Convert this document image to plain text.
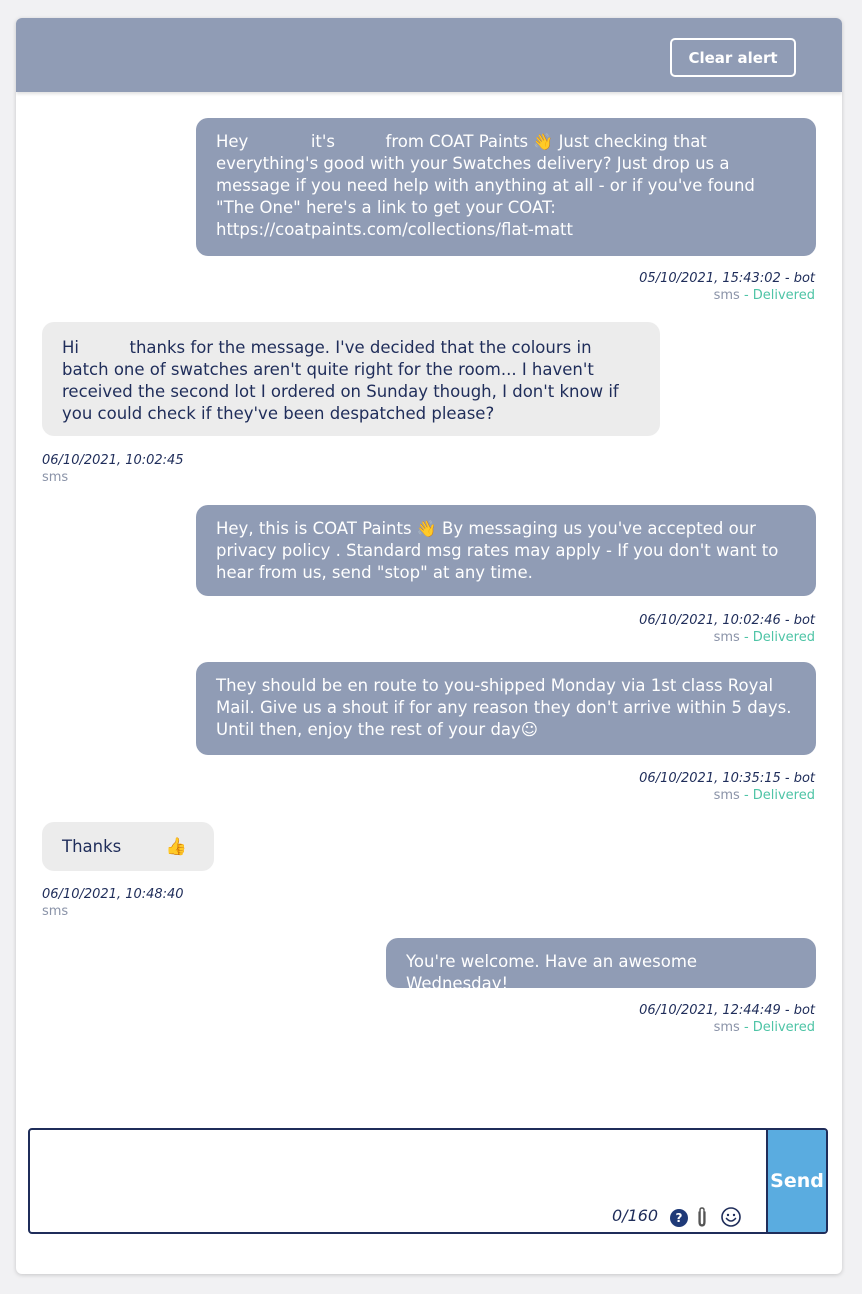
Clear alert
Hey	it's	from COAT Paints 👋 Just checking that everything's good with your Swatches delivery? Just drop us a message if you need help with anything at all - or if you've found "The One" here's a link to get your COAT: https://coatpaints.com/collections/flat-matt
05/10/2021, 15:43:02 - bot
sms - Delivered
Hi	thanks for the message. I've decided that the colours in batch one of swatches aren't quite right for the room... I haven't received the second lot I ordered on Sunday though, I don't know if you could check if they've been despatched please?
06/10/2021, 10:02:45
sms
Hey, this is COAT Paints 👋 By messaging us you've accepted our privacy policy . Standard msg rates may apply - If you don't want to hear from us, send "stop" at any time.
06/10/2021, 10:02:46 - bot
sms - Delivered
They should be en route to you-shipped Monday via 1st class Royal Mail. Give us a shout if for any reason they don't arrive within 5 days. Until then, enjoy the rest of your day☺
06/10/2021, 10:35:15 - bot
sms - Delivered
Thanks	👍
06/10/2021, 10:48:40
sms
You're welcome. Have an awesome Wednesday!
06/10/2021, 12:44:49 - bot
sms - Delivered
0/160	?
Send
